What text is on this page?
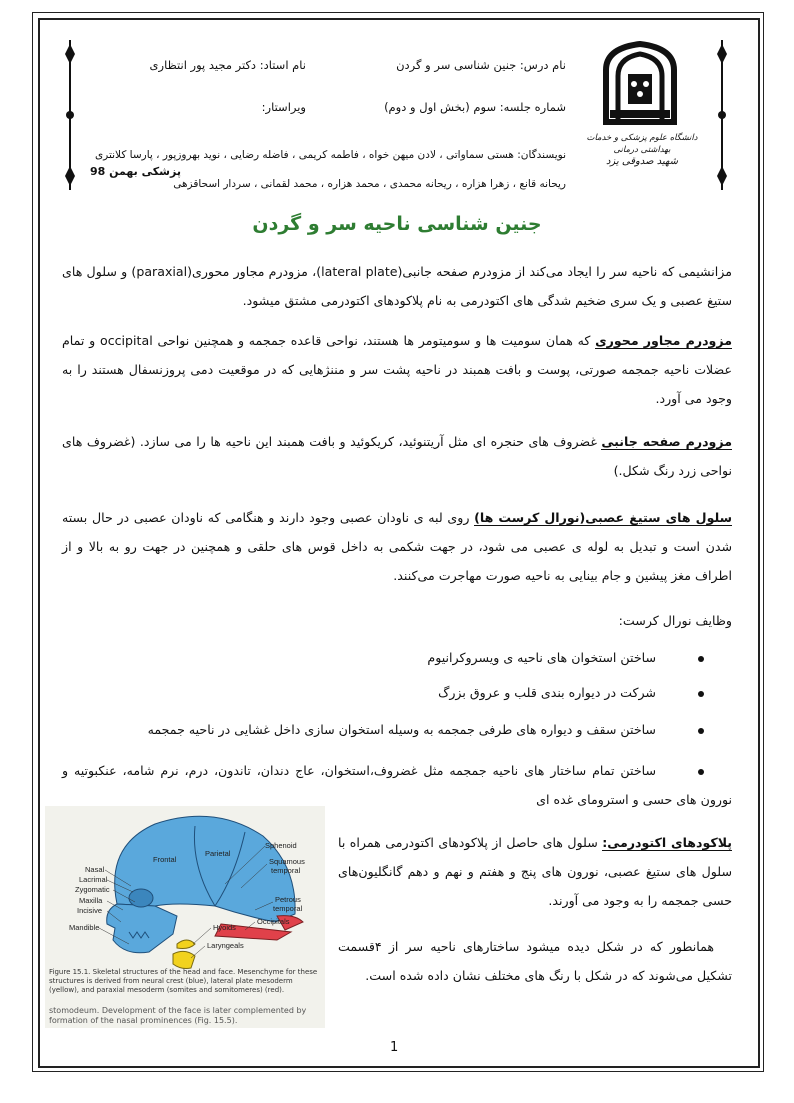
دانشگاه علوم پزشکی و خدمات بهداشتی درمانی
شهید صدوقی یزد
نام درس: جنین شناسی سر و گردن
نام استاد: دکتر مجید پور انتظاری
شماره جلسه: سوم (بخش اول و دوم)
ویراستار:
نویسندگان: هستی سماواتی ، لادن میهن خواه ، فاطمه کریمی ، فاضله رضایی ، نوید بهروزپور ، پارسا کلانتری
ریحانه قانع ، زهرا هزاره ، ریحانه محمدی ، محمد هزاره ، محمد لقمانی ، سردار اسحاقزهی
پزشکی بهمن 98
جنین شناسی ناحیه سر و گردن
مزانشیمی که ناحیه سر را ایجاد می‌کند از مزودرم صفحه جانبی(lateral plate)، مزودرم مجاور محوری(paraxial) و سلول های ستیغ عصبی و یک سری ضخیم شدگی های اکتودرمی به نام پلاکودهای اکتودرمی مشتق میشود.
مزودرم مجاور محوری که همان سومیت ها و سومیتومر ها هستند، نواحی قاعده جمجمه و همچنین نواحی occipital و تمام عضلات ناحیه جمجمه صورتی، پوست و بافت همبند در ناحیه پشت سر و مننژهایی که در موقعیت دمی پروزنسفال هستند را به وجود می آورد.
مزودرم صفحه جانبی غضروف های حنجره ای مثل آریتنوئید، کریکوئید و بافت همبند این ناحیه ها را می سازد. (غضروف های نواحی زرد رنگ شکل.)
سلول های ستیغ عصبی(نورال کرست ها) روی لبه ی ناودان عصبی وجود دارند و هنگامی که ناودان عصبی در حال بسته شدن است و تبدیل به لوله ی عصبی می شود، در جهت شکمی به داخل قوس های حلقی و همچنین در جهت رو به بالا و از اطراف مغز پیشین و جام بینایی به ناحیه صورت مهاجرت می‌کنند.
وظایف نورال کرست:
ساختن استخوان های ناحیه ی ویسروکرانیوم
شرکت در دیواره بندی قلب و عروق بزرگ
ساختن سقف و دیواره های طرفی جمجمه به وسیله استخوان سازی داخل غشایی در ناحیه جمجمه
ساختن تمام ساختار های ناحیه جمجمه مثل غضروف،استخوان، عاج دندان، تاندون، درم، نرم شامه، عنکبوتیه و نورون های حسی و استرومای غده ای
پلاکودهای اکتودرمی: سلول های حاصل از پلاکودهای اکتودرمی همراه با سلول های ستیغ عصبی، نورون های پنج و هفتم و نهم و دهم گانگلیون‌های حسی جمجمه را به وجود می آورند.
همانطور که در شکل دیده میشود ساختارهای ناحیه سر از ۴قسمت تشکیل می‌شوند که در شکل با رنگ های مختلف نشان داده شده است.
Frontal
Parietal
Sphenoid
Squamous
temporal
Nasal
Lacrimal
Zygomatic
Maxilla
Incisive
Mandible
Petrous
temporal
Occipitals
Hyoids
Laryngeals
Figure 15.1. Skeletal structures of the head and face. Mesenchyme for these structures is derived from neural crest (blue), lateral plate mesoderm (yellow), and paraxial mesoderm (somites and somitomeres) (red).
stomodeum. Development of the face is later complemented by formation of the nasal prominences (Fig. 15.5).
1
